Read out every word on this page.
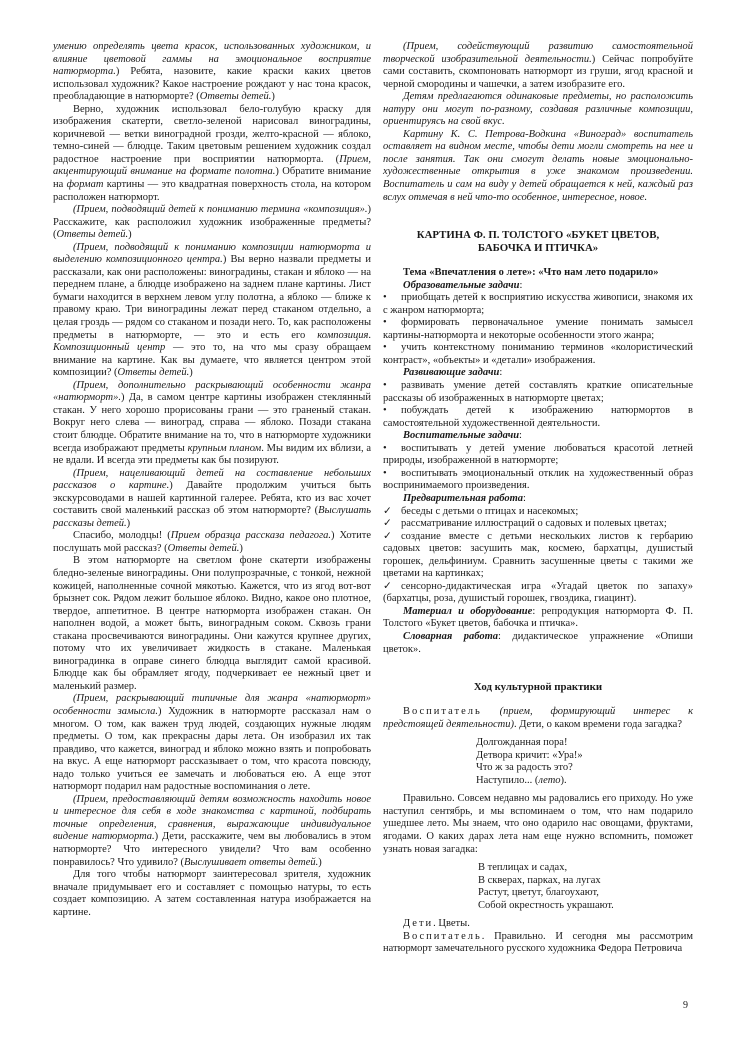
умению определять цвета красок, использованных художником, и влияние цветовой гаммы на эмоциональное восприятие натюрморта.) Ребята, назовите, какие краски каких цветов использовал художник? Какое настроение рождают у нас тона красок, преобладающие в натюрморте? (Ответы детей.)

Верно, художник использовал бело-голубую краску для изображения скатерти, светло-зеленой нарисовал виноградины, коричневой — ветки виноградной грозди, желто-красной — яблоко, темно-синей — блюдце. Таким цветовым решением художник создал радостное настроение при восприятии натюрморта. (Прием, акцентирующий внимание на формате полотна.) Обратите внимание на формат картины — это квадратная поверхность стола, на котором расположен натюрморт.

(Прием, подводящий детей к пониманию термина «композиция».) Расскажите, как расположил художник изображенные предметы? (Ответы детей.)

(Прием, подводящий к пониманию композиции натюрморта и выделению композиционного центра.) Вы верно назвали предметы и рассказали, как они расположены: виноградины, стакан и яблоко — на переднем плане, а блюдце изображено на заднем плане картины. Лист бумаги находится в верхнем левом углу полотна, а яблоко — ближе к правому краю. Три виноградины лежат перед стаканом отдельно, а целая гроздь — рядом со стаканом и позади него. То, как расположены предметы в натюрморте, — это и есть его композиция. Композиционный центр — это то, на что мы сразу обращаем внимание на картине. Как вы думаете, что является центром этой композиции? (Ответы детей.)

(Прием, дополнительно раскрывающий особенности жанра «натюрморт».) Да, в самом центре картины изображен стеклянный стакан. У него хорошо прорисованы грани — это граненый стакан. Вокруг него слева — виноград, справа — яблоко. Позади стакана стоит блюдце. Обратите внимание на то, что в натюрморте художники всегда изображают предметы крупным планом. Мы видим их вблизи, а не вдали. И всегда эти предметы как бы позируют.

(Прием, нацеливающий детей на составление небольших рассказов о картине.) Давайте продолжим учиться быть экскурсоводами в нашей картинной галерее. Ребята, кто из вас хочет составить свой маленький рассказ об этом натюрморте? (Выслушать рассказы детей.)

Спасибо, молодцы! (Прием образца рассказа педагога.) Хотите послушать мой рассказ? (Ответы детей.)

В этом натюрморте на светлом фоне скатерти изображены бледно-зеленые виноградины. Они полупрозрачные, с тонкой, нежной кожицей, наполненные сочной мякотью. Кажется, что из ягод вот-вот брызнет сок. Рядом лежит большое яблоко. Видно, какое оно плотное, твердое, аппетитное. В центре натюрморта изображен стакан. Он наполнен водой, а может быть, виноградным соком. Сквозь грани стакана просвечиваются виноградины. Они кажутся крупнее других, потому что их увеличивает жидкость в стакане. Маленькая виноградинка в оправе синего блюдца выглядит самой красивой. Блюдце как бы обрамляет ягоду, подчеркивает ее нежный цвет и маленький размер.

(Прием, раскрывающий типичные для жанра «натюрморт» особенности замысла.) Художник в натюрморте рассказал нам о многом. О том, как важен труд людей, создающих нужные людям предметы. О том, как прекрасны дары лета. Он изобразил их так правдиво, что кажется, виноград и яблоко можно взять и попробовать на вкус. А еще натюрморт рассказывает о том, что красота повсюду, надо только учиться ее замечать и любоваться ею. А еще этот натюрморт подарил нам радостные воспоминания о лете.

(Прием, предоставляющий детям возможность находить новое и интересное для себя в ходе знакомства с картиной, подбирать точные определения, сравнения, выражающие индивидуальное видение натюрморта.) Дети, расскажите, чем вы любовались в этом натюрморте? Что интересного увидели? Что вам особенно понравилось? Что удивило? (Выслушивает ответы детей.)

Для того чтобы натюрморт заинтересовал зрителя, художник вначале придумывает его и составляет с помощью натуры, то есть создает композицию. А затем составленная натура изображается на картине.

(Прием, содействующий развитию самостоятельной творческой изобразительной деятельности.) Сейчас попробуйте сами составить, скомпоновать натюрморт из груши, ягод красной и черной смородины и чашечки, а затем изобразите его.

Детям предлагаются одинаковые предметы, но расположить натуру они могут по-разному, создавая различные композиции, ориентируясь на свой вкус.

Картину К. С. Петрова-Водкина «Виноград» воспитатель оставляет на видном месте, чтобы дети могли смотреть на нее и после занятия. Так они смогут делать новые эмоционально-художественные открытия в уже знакомом произведении. Воспитатель и сам на виду у детей обращается к ней, каждый раз вслух отмечая в ней что-то особенное, интересное, новое.

КАРТИНА Ф. П. ТОЛСТОГО «БУКЕТ ЦВЕТОВ,
БАБОЧКА И ПТИЧКА»

Тема «Впечатления о лете»: «Что нам лето подарило»

Образовательные задачи:

• приобщать детей к восприятию искусства живописи, знакомя их с жанром натюрморта;

• формировать первоначальное умение понимать замысел картины-натюрморта и некоторые особенности этого жанра;

• учить контекстному пониманию терминов «колористический контраст», «объекты» и «детали» изображения.

Развивающие задачи:

• развивать умение детей составлять краткие описательные рассказы об изображенных в натюрморте цветах;

• побуждать детей к изображению натюрмортов в самостоятельной художественной деятельности.

Воспитательные задачи:

• воспитывать у детей умение любоваться красотой летней природы, изображенной в натюрморте;

• воспитывать эмоциональный отклик на художественный образ воспринимаемого произведения.

Предварительная работа:

✓ беседы с детьми о птицах и насекомых;

✓ рассматривание иллюстраций о садовых и полевых цветах;

✓ создание вместе с детьми нескольких листов к гербарию садовых цветов: засушить мак, космею, бархатцы, душистый горошек, дельфиниум. Сравнить засушенные цветы с такими же цветами на картинках;

✓ сенсорно-дидактическая игра «Угадай цветок по запаху» (бархатцы, роза, душистый горошек, гвоздика, гиацинт).

Материал и оборудование: репродукция натюрморта Ф. П. Толстого «Букет цветов, бабочка и птичка».

Словарная работа: дидактическое упражнение «Опиши цветок».

Ход культурной практики

Воспитатель (прием, формирующий интерес к предстоящей деятельности). Дети, о каком времени года загадка?

Долгожданная пора!

Детвора кричит: «Ура!»

Что ж за радость это?

Наступило... (лето).

Правильно. Совсем недавно мы радовались его приходу. Но уже наступил сентябрь, и мы вспоминаем о том, что нам подарило ушедшее лето. Мы знаем, что оно одарило нас овощами, фруктами, ягодами. О каких дарах лета нам еще нужно вспомнить, поможет узнать новая загадка:

В теплицах и садах,

В скверах, парках, на лугах

Растут, цветут, благоухают,

Собой окрестность украшают.

Дети. Цветы.

Воспитатель. Правильно. И сегодня мы рассмотрим натюрморт замечательного русского художника Федора Петровича

9
